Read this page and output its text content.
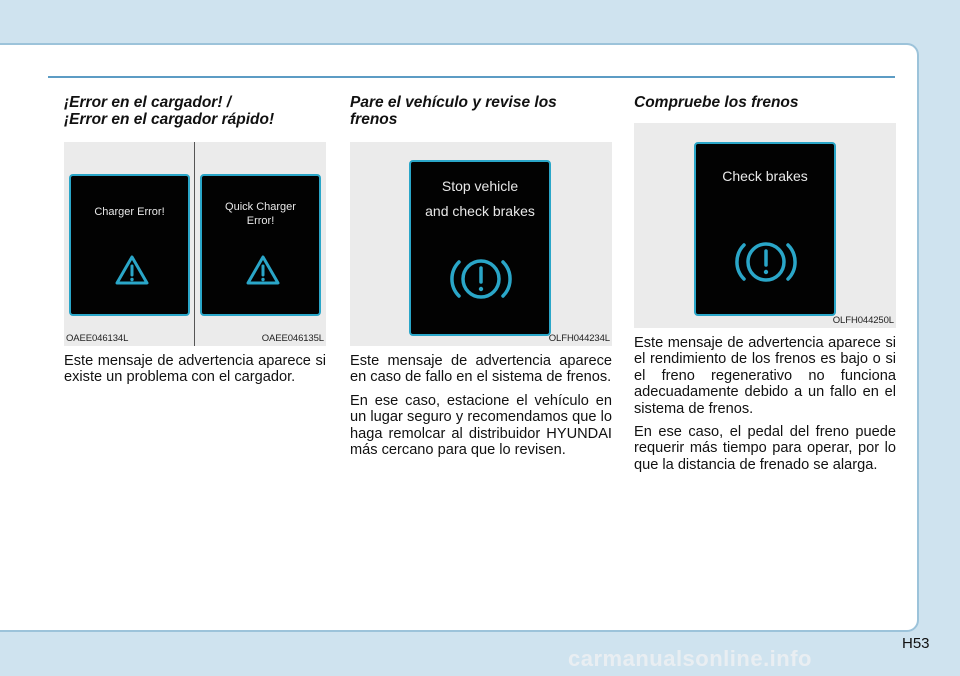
¡Error en el cargador! /
¡Error en el cargador rápido!
Charger Error!	Quick Charger
Error!
OAEE046134L	OAEE046135L

Este mensaje de advertencia aparece si existe un problema con el cargador.

Pare el vehículo y revise los
frenos
Stop vehicle
and check brakes
OLFH044234L

Este mensaje de advertencia aparece en caso de fallo en el sistema de frenos.

En ese caso, estacione el vehículo en un lugar seguro y recomendamos que lo haga remolcar al distribuidor HYUNDAI más cercano para que lo revisen.

Compruebe los frenos
Check brakes
OLFH044250L

Este mensaje de advertencia aparece si el rendimiento de los frenos es bajo o si el freno regenerativo no funciona adecuadamente debido a un fallo en el sistema de frenos.

En ese caso, el pedal del freno puede requerir más tiempo para operar, por lo que la distancia de frenado se alarga.

H53
carmanualsonline.info
